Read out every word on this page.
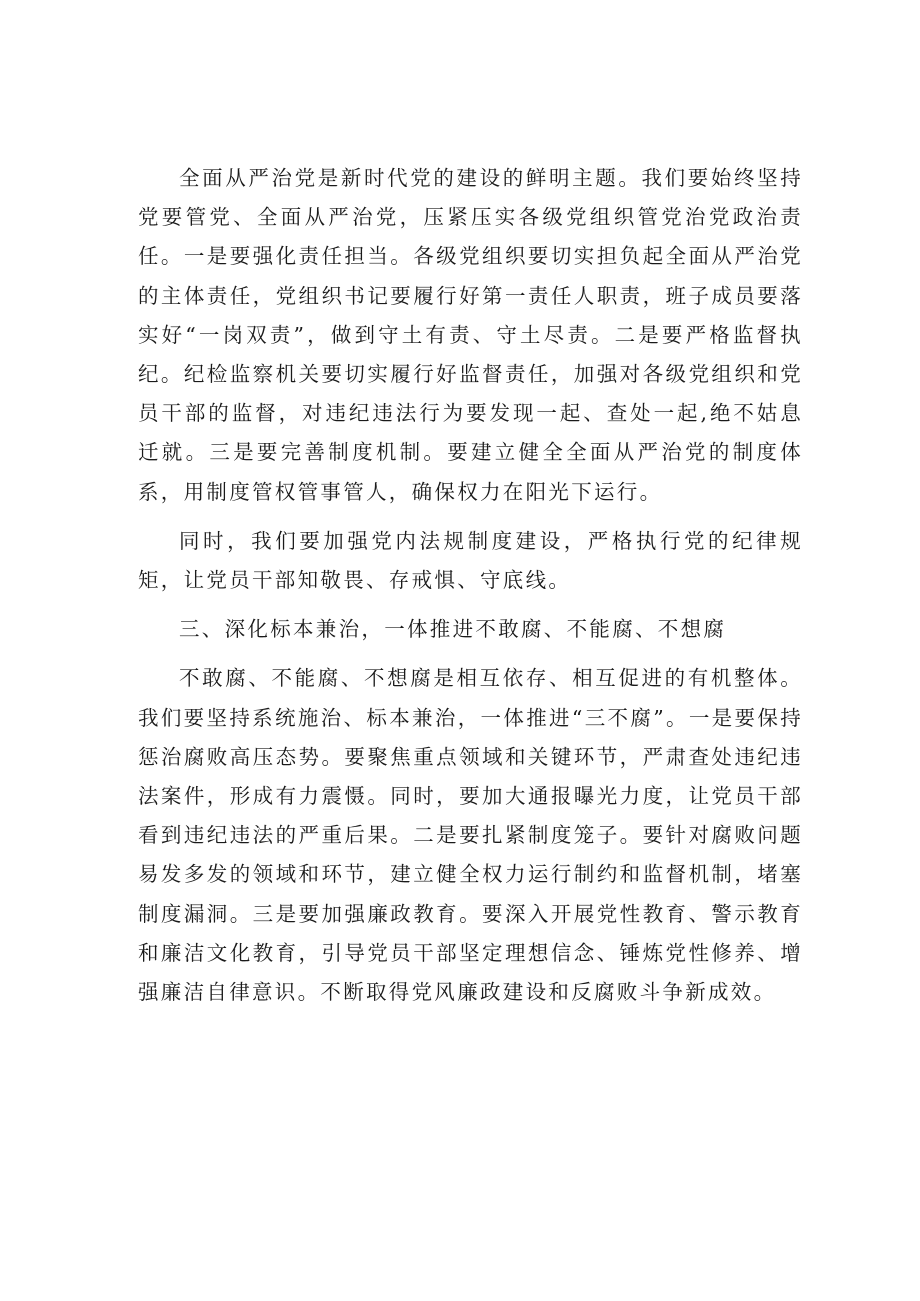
全面从严治党是新时代党的建设的鲜明主题。我们要始终坚持党要管党、全面从严治党，压紧压实各级党组织管党治党政治责任。一是要强化责任担当。各级党组织要切实担负起全面从严治党的主体责任，党组织书记要履行好第一责任人职责，班子成员要落实好“一岗双责”，做到守土有责、守土尽责。二是要严格监督执纪。纪检监察机关要切实履行好监督责任，加强对各级党组织和党员干部的监督，对违纪违法行为要发现一起、查处一起,绝不姑息迁就。三是要完善制度机制。要建立健全全面从严治党的制度体系，用制度管权管事管人，确保权力在阳光下运行。

同时，我们要加强党内法规制度建设，严格执行党的纪律规矩，让党员干部知敬畏、存戒惧、守底线。

三、深化标本兼治，一体推进不敢腐、不能腐、不想腐

不敢腐、不能腐、不想腐是相互依存、相互促进的有机整体。我们要坚持系统施治、标本兼治，一体推进“三不腐”。一是要保持惩治腐败高压态势。要聚焦重点领域和关键环节，严肃查处违纪违法案件，形成有力震慑。同时，要加大通报曝光力度，让党员干部看到违纪违法的严重后果。二是要扎紧制度笼子。要针对腐败问题易发多发的领域和环节，建立健全权力运行制约和监督机制，堵塞制度漏洞。三是要加强廉政教育。要深入开展党性教育、警示教育和廉洁文化教育，引导党员干部坚定理想信念、锤炼党性修养、增强廉洁自律意识。不断取得党风廉政建设和反腐败斗争新成效。
